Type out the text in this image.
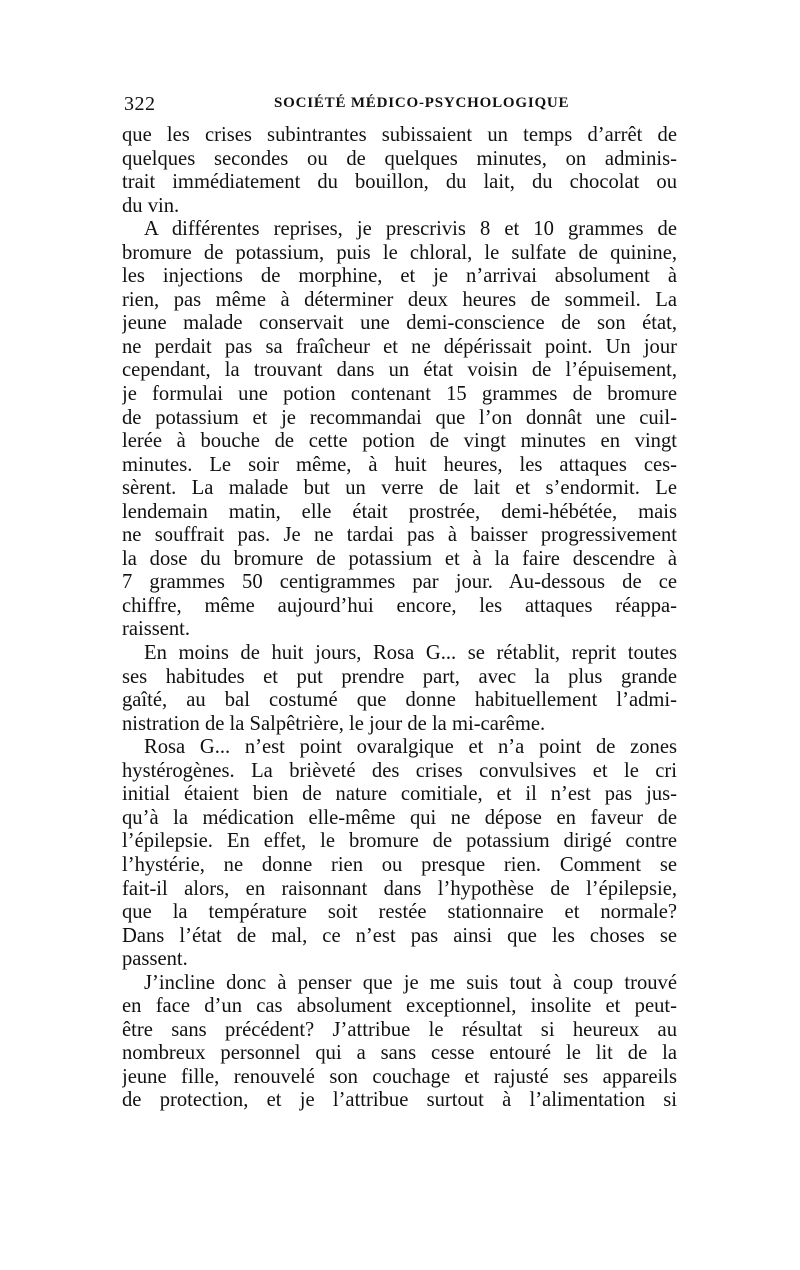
322	SOCIÉTÉ MÉDICO-PSYCHOLOGIQUE
que les crises subintrantes subissaient un temps d’arrêt de
quelques secondes ou de quelques minutes, on adminis-
trait immédiatement du bouillon, du lait, du chocolat ou
du vin.
A différentes reprises, je prescrivis 8 et 10 grammes de
bromure de potassium, puis le chloral, le sulfate de quinine,
les injections de morphine, et je n’arrivai absolument à
rien, pas même à déterminer deux heures de sommeil. La
jeune malade conservait une demi-conscience de son état,
ne perdait pas sa fraîcheur et ne dépérissait point. Un jour
cependant, la trouvant dans un état voisin de l’épuisement,
je formulai une potion contenant 15 grammes de bromure
de potassium et je recommandai que l’on donnât une cuil-
lerée à bouche de cette potion de vingt minutes en vingt
minutes. Le soir même, à huit heures, les attaques ces-
sèrent. La malade but un verre de lait et s’endormit. Le
lendemain matin, elle était prostrée, demi-hébétée, mais
ne souffrait pas. Je ne tardai pas à baisser progressivement
la dose du bromure de potassium et à la faire descendre à
7 grammes 50 centigrammes par jour. Au-dessous de ce
chiffre, même aujourd’hui encore, les attaques réappa-
raissent.
En moins de huit jours, Rosa G... se rétablit, reprit toutes
ses habitudes et put prendre part, avec la plus grande
gaîté, au bal costumé que donne habituellement l’admi-
nistration de la Salpêtrière, le jour de la mi-carême.
Rosa G... n’est point ovaralgique et n’a point de zones
hystérogènes. La brièveté des crises convulsives et le cri
initial étaient bien de nature comitiale, et il n’est pas jus-
qu’à la médication elle-même qui ne dépose en faveur de
l’épilepsie. En effet, le bromure de potassium dirigé contre
l’hystérie, ne donne rien ou presque rien. Comment se
fait-il alors, en raisonnant dans l’hypothèse de l’épilepsie,
que la température soit restée stationnaire et normale?
Dans l’état de mal, ce n’est pas ainsi que les choses se
passent.
J’incline donc à penser que je me suis tout à coup trouvé
en face d’un cas absolument exceptionnel, insolite et peut-
être sans précédent? J’attribue le résultat si heureux au
nombreux personnel qui a sans cesse entouré le lit de la
jeune fille, renouvelé son couchage et rajusté ses appareils
de protection, et je l’attribue surtout à l’alimentation si
